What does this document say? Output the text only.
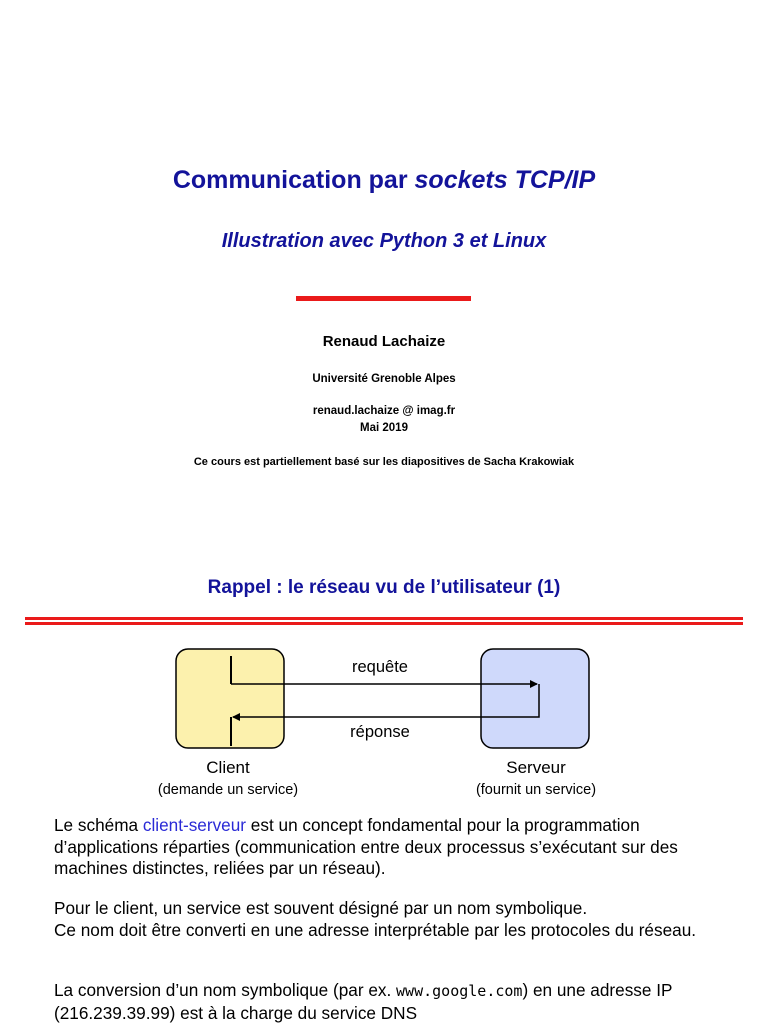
Communication par sockets TCP/IP
Illustration avec Python 3 et Linux
Renaud Lachaize
Université Grenoble Alpes
renaud.lachaize @ imag.fr
Mai 2019
Ce cours est partiellement basé sur les diapositives de Sacha Krakowiak
Rappel : le réseau vu de l’utilisateur (1)
requête
réponse
Client
(demande un service)
Serveur
(fournit un service)
Le schéma client-serveur est un concept fondamental pour la programmation d’applications réparties (communication entre deux processus s’exécutant sur des machines distinctes, reliées par un réseau).
Pour le client, un service est souvent désigné par un nom symbolique.
Ce nom doit être converti en une adresse interprétable par les protocoles du réseau.
La conversion d’un nom symbolique (par ex. www.google.com) en une adresse IP (216.239.39.99) est à la charge du service DNS
